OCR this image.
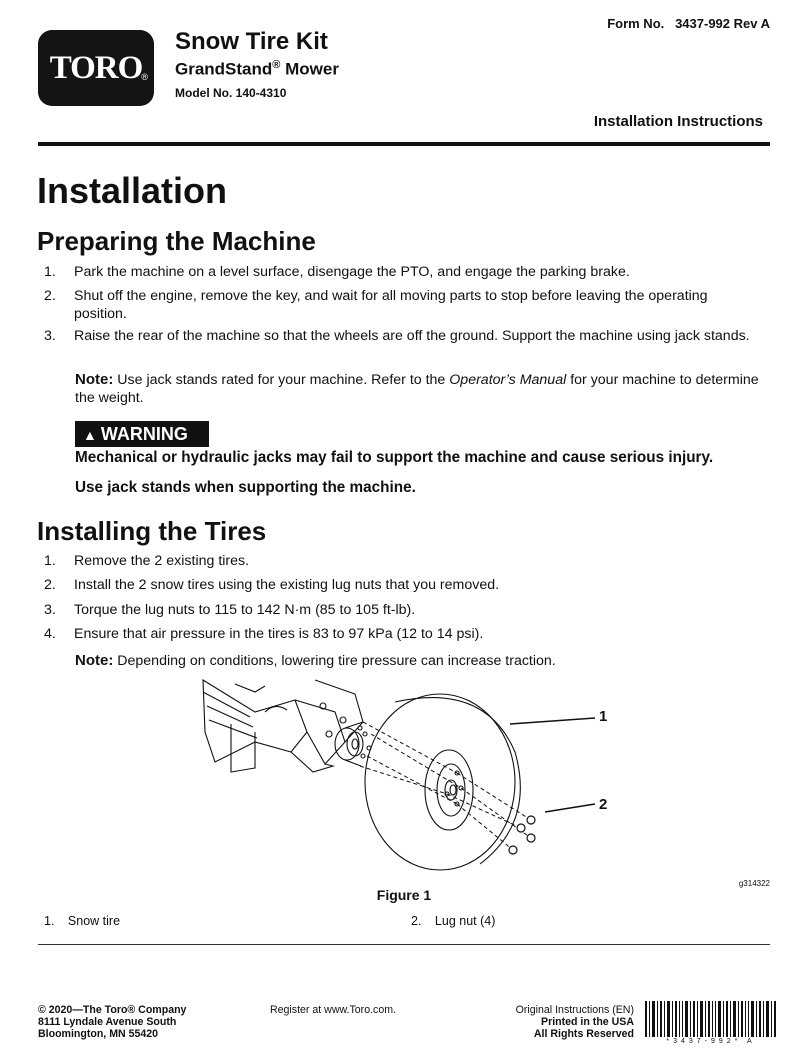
TORO ®
Snow Tire Kit
GrandStand® Mower
Model No. 140-4310
Form No.   3437-992 Rev A
Installation Instructions
Installation
Preparing the Machine
1. Park the machine on a level surface, disengage the PTO, and engage the parking brake.
2. Shut off the engine, remove the key, and wait for all moving parts to stop before leaving the operating position.
3. Raise the rear of the machine so that the wheels are off the ground. Support the machine using jack stands.
Note: Use jack stands rated for your machine. Refer to the Operator’s Manual for your machine to determine the weight.
▲ WARNING
Mechanical or hydraulic jacks may fail to support the machine and cause serious injury.
Use jack stands when supporting the machine.
Installing the Tires
1. Remove the 2 existing tires.
2. Install the 2 snow tires using the existing lug nuts that you removed.
3. Torque the lug nuts to 115 to 142 N·m (85 to 105 ft-lb).
4. Ensure that air pressure in the tires is 83 to 97 kPa (12 to 14 psi).
Note: Depending on conditions, lowering tire pressure can increase traction.
1
2
Figure 1
g314322
1. Snow tire	2. Lug nut (4)
© 2020—The Toro® Company
8111 Lyndale Avenue South
Bloomington, MN 55420
Register at www.Toro.com.	Original Instructions (EN)
Printed in the USA
All Rights Reserved
*3437-992* A
